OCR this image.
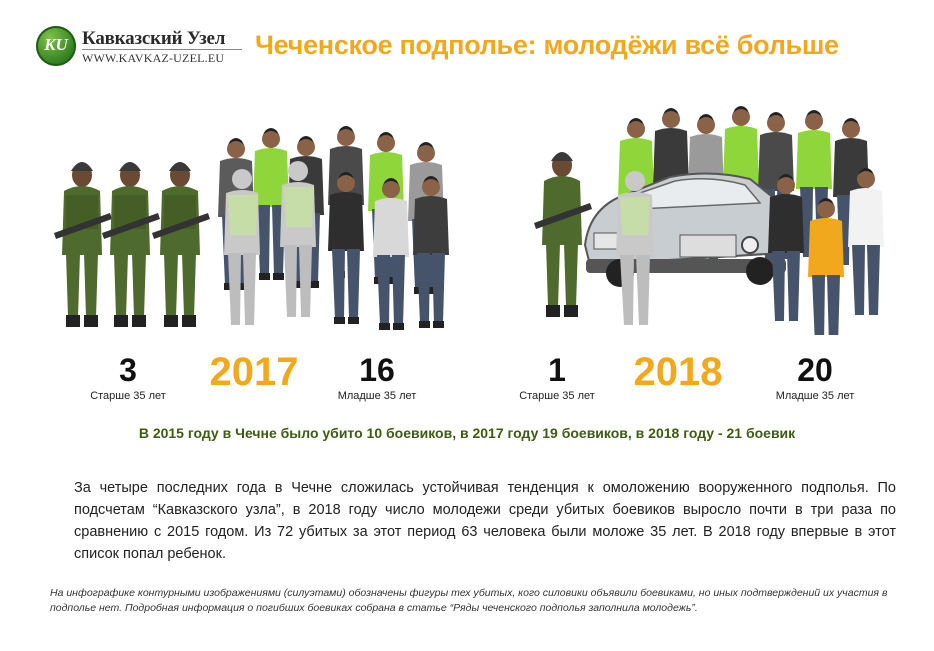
KU Кавказский Узел
WWW.KAVKAZ-UZEL.EU Чеченское подполье: молодёжи всё больше
3
Старше 35 лет
2017	16
Младше 35 лет
1
Старше 35 лет
2018	20
Младше 35 лет
В 2015 году в Чечне было убито 10 боевиков, в 2017 году 19 боевиков, в 2018 году - 21 боевик
За четыре последних года в Чечне сложилась устойчивая тенденция к омоложению вооруженного подполья. По подсчетам “Кавказского узла”, в 2018 году число молодежи среди убитых боевиков выросло почти в три раза по сравнению с 2015 годом. Из 72 убитых за этот период 63 человека были моложе 35 лет. В 2018 году впервые в этот список попал ребенок.
На инфографике контурными изображениями (силуэтами) обозначены фигуры тех убитых, кого силовики объявили боевиками, но иных подтверждений их участия в подполье нет. Подробная информация о погибших боевиках собрана в статье “Ряды чеченского подполья заполнила молодежь”.
